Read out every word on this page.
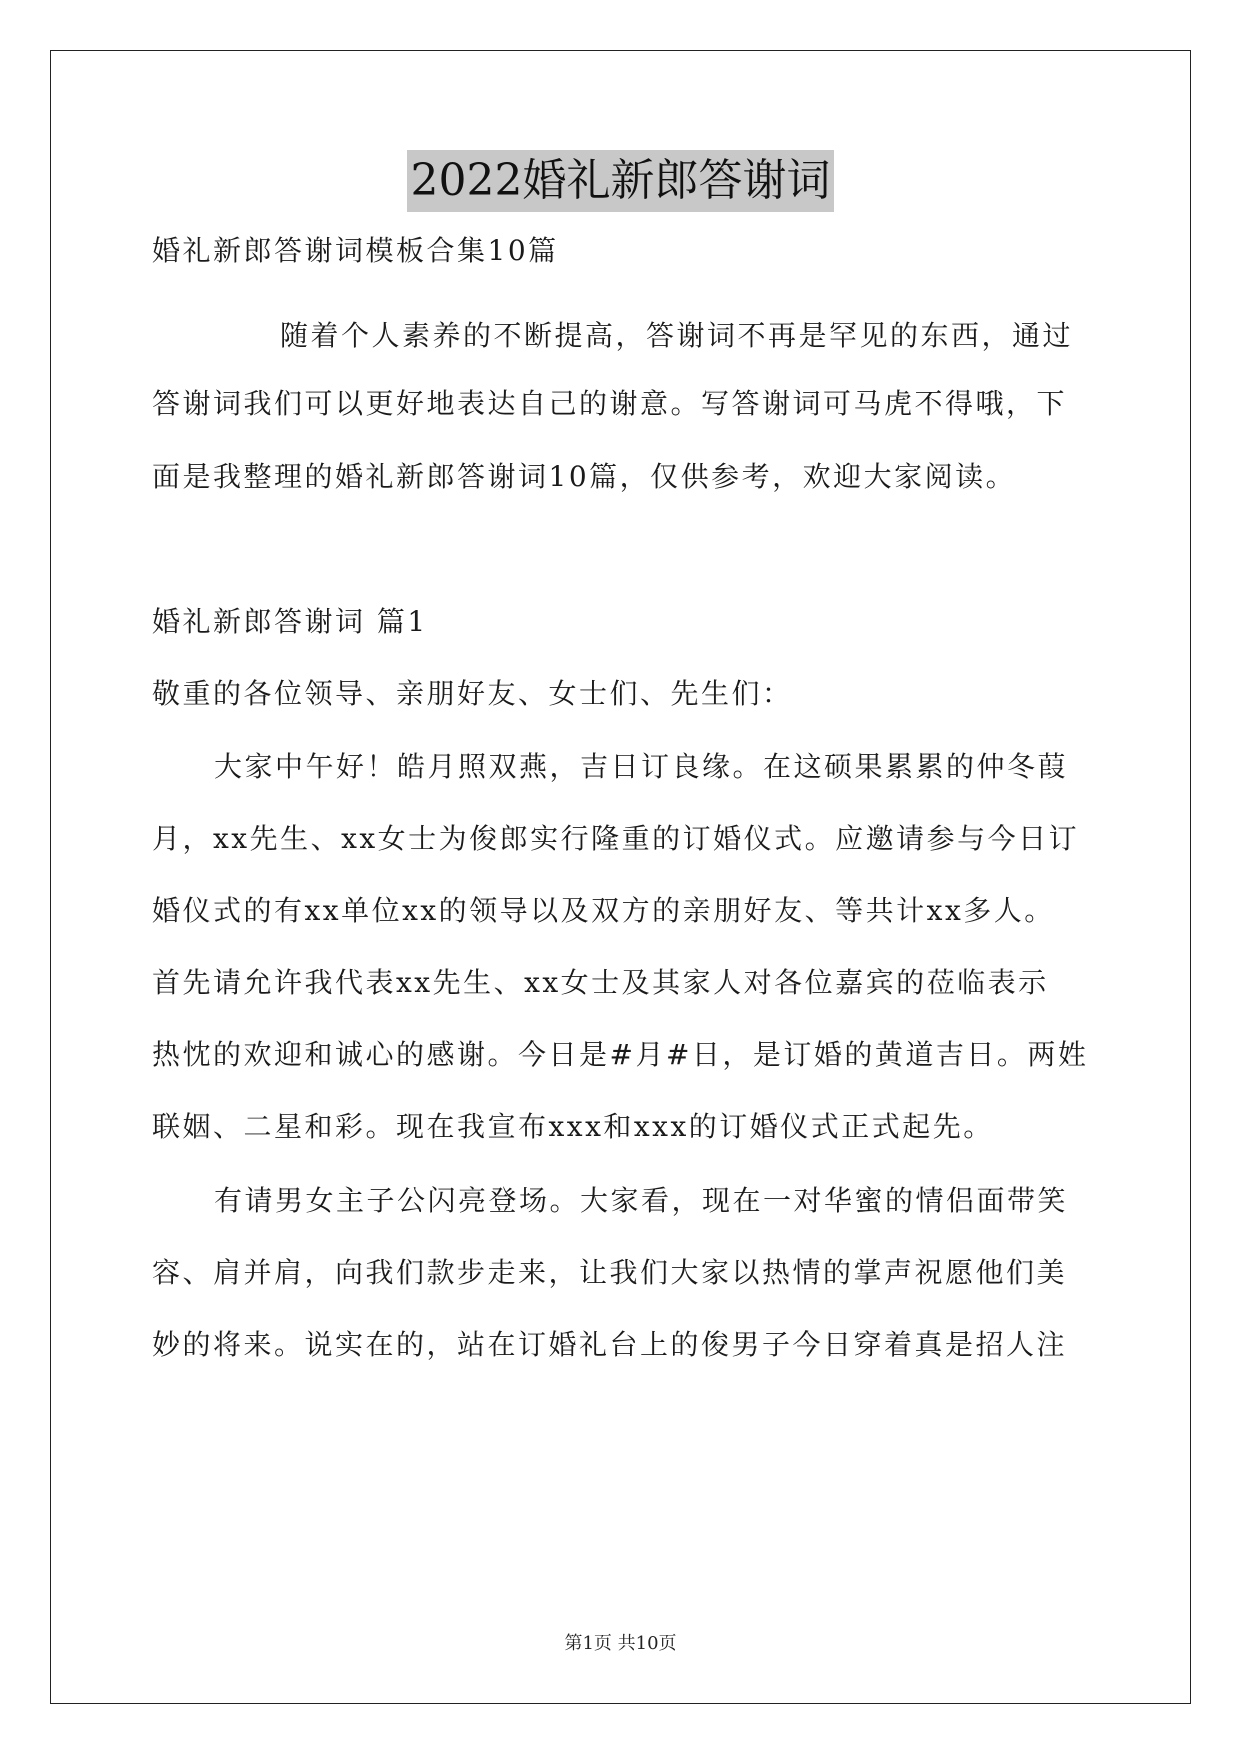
2022婚礼新郎答谢词
婚礼新郎答谢词模板合集10篇
随着个人素养的不断提高，答谢词不再是罕见的东西，通过
答谢词我们可以更好地表达自己的谢意。写答谢词可马虎不得哦，下
面是我整理的婚礼新郎答谢词10篇，仅供参考，欢迎大家阅读。
婚礼新郎答谢词 篇1
敬重的各位领导、亲朋好友、女士们、先生们：
大家中午好！皓月照双燕，吉日订良缘。在这硕果累累的仲冬葭
月，xx先生、xx女士为俊郎实行隆重的订婚仪式。应邀请参与今日订
婚仪式的有xx单位xx的领导以及双方的亲朋好友、等共计xx多人。
首先请允许我代表xx先生、xx女士及其家人对各位嘉宾的莅临表示
热忱的欢迎和诚心的感谢。今日是#月#日，是订婚的黄道吉日。两姓
联姻、二星和彩。现在我宣布xxx和xxx的订婚仪式正式起先。
有请男女主子公闪亮登场。大家看，现在一对华蜜的情侣面带笑
容、肩并肩，向我们款步走来，让我们大家以热情的掌声祝愿他们美
妙的将来。说实在的，站在订婚礼台上的俊男子今日穿着真是招人注
第1页 共10页
